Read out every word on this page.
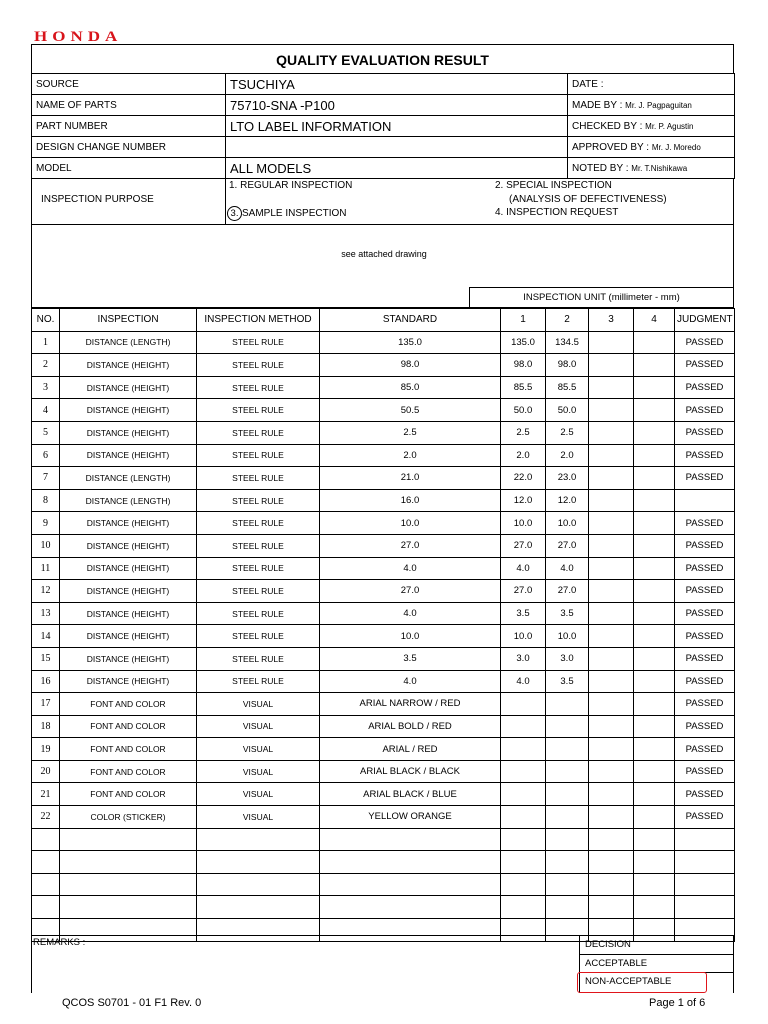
HONDA
QUALITY EVALUATION RESULT
SOURCE	TSUCHIYA	DATE :
NAME OF PARTS	75710-SNA -P100	MADE BY : Mr. J. Pagpaguitan
PART NUMBER	LTO LABEL INFORMATION	CHECKED BY : Mr. P. Agustin
DESIGN CHANGE NUMBER		APPROVED BY : Mr. J. Moredo
MODEL	ALL MODELS	NOTED BY : Mr. T.Nishikawa
INSPECTION PURPOSE
1. REGULAR INSPECTION
3. SAMPLE INSPECTION
2. SPECIAL INSPECTION
(ANALYSIS OF DEFECTIVENESS)
4. INSPECTION REQUEST
see attached drawing
INSPECTION UNIT (millimeter - mm)
NO.	INSPECTION	INSPECTION METHOD	STANDARD	1	2	3	4	JUDGMENT
1	DISTANCE (LENGTH)	STEEL RULE	135.0	135.0	134.5			PASSED
2	DISTANCE (HEIGHT)	STEEL RULE	98.0	98.0	98.0			PASSED
3	DISTANCE (HEIGHT)	STEEL RULE	85.0	85.5	85.5			PASSED
4	DISTANCE (HEIGHT)	STEEL RULE	50.5	50.0	50.0			PASSED
5	DISTANCE (HEIGHT)	STEEL RULE	2.5	2.5	2.5			PASSED
6	DISTANCE (HEIGHT)	STEEL RULE	2.0	2.0	2.0			PASSED
7	DISTANCE (LENGTH)	STEEL RULE	21.0	22.0	23.0			PASSED
8	DISTANCE (LENGTH)	STEEL RULE	16.0	12.0	12.0			
9	DISTANCE (HEIGHT)	STEEL RULE	10.0	10.0	10.0			PASSED
10	DISTANCE (HEIGHT)	STEEL RULE	27.0	27.0	27.0			PASSED
11	DISTANCE (HEIGHT)	STEEL RULE	4.0	4.0	4.0			PASSED
12	DISTANCE (HEIGHT)	STEEL RULE	27.0	27.0	27.0			PASSED
13	DISTANCE (HEIGHT)	STEEL RULE	4.0	3.5	3.5			PASSED
14	DISTANCE (HEIGHT)	STEEL RULE	10.0	10.0	10.0			PASSED
15	DISTANCE (HEIGHT)	STEEL RULE	3.5	3.0	3.0			PASSED
16	DISTANCE (HEIGHT)	STEEL RULE	4.0	4.0	3.5			PASSED
17	FONT AND COLOR	VISUAL	ARIAL NARROW / RED					PASSED
18	FONT AND COLOR	VISUAL	ARIAL BOLD / RED					PASSED
19	FONT AND COLOR	VISUAL	ARIAL / RED					PASSED
20	FONT AND COLOR	VISUAL	ARIAL BLACK / BLACK					PASSED
21	FONT AND COLOR	VISUAL	ARIAL BLACK / BLUE					PASSED
22	COLOR (STICKER)	VISUAL	YELLOW ORANGE					PASSED

REMARKS :	DECISION
ACCEPTABLE
NON-ACCEPTABLE
QCOS S0701 - 01 F1 Rev. 0	Page 1 of 6
